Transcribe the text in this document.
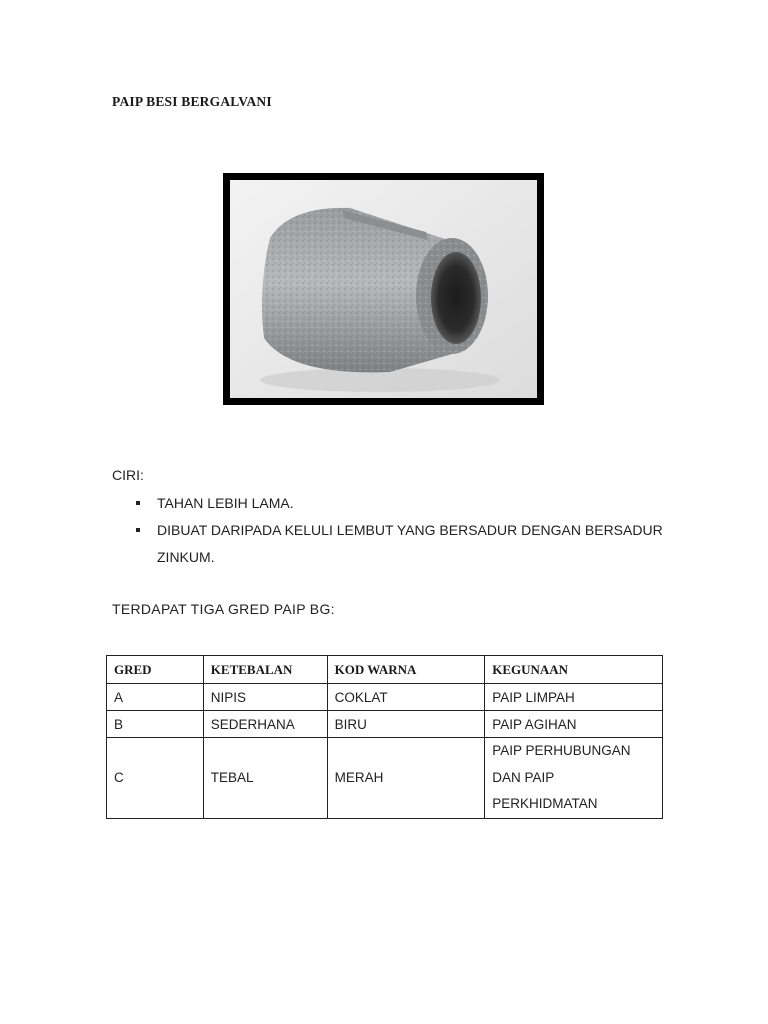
PAIP BESI BERGALVANI
CIRI:
TAHAN LEBIH LAMA.
DIBUAT DARIPADA KELULI LEMBUT YANG BERSADUR DENGAN BERSADUR
ZINKUM.
TERDAPAT TIGA GRED PAIP BG:
GRED	KETEBALAN	KOD WARNA	KEGUNAAN
A	NIPIS	COKLAT	PAIP LIMPAH
B	SEDERHANA	BIRU	PAIP AGIHAN
C	TEBAL	MERAH	PAIP PERHUBUNGAN
DAN PAIP
PERKHIDMATAN
